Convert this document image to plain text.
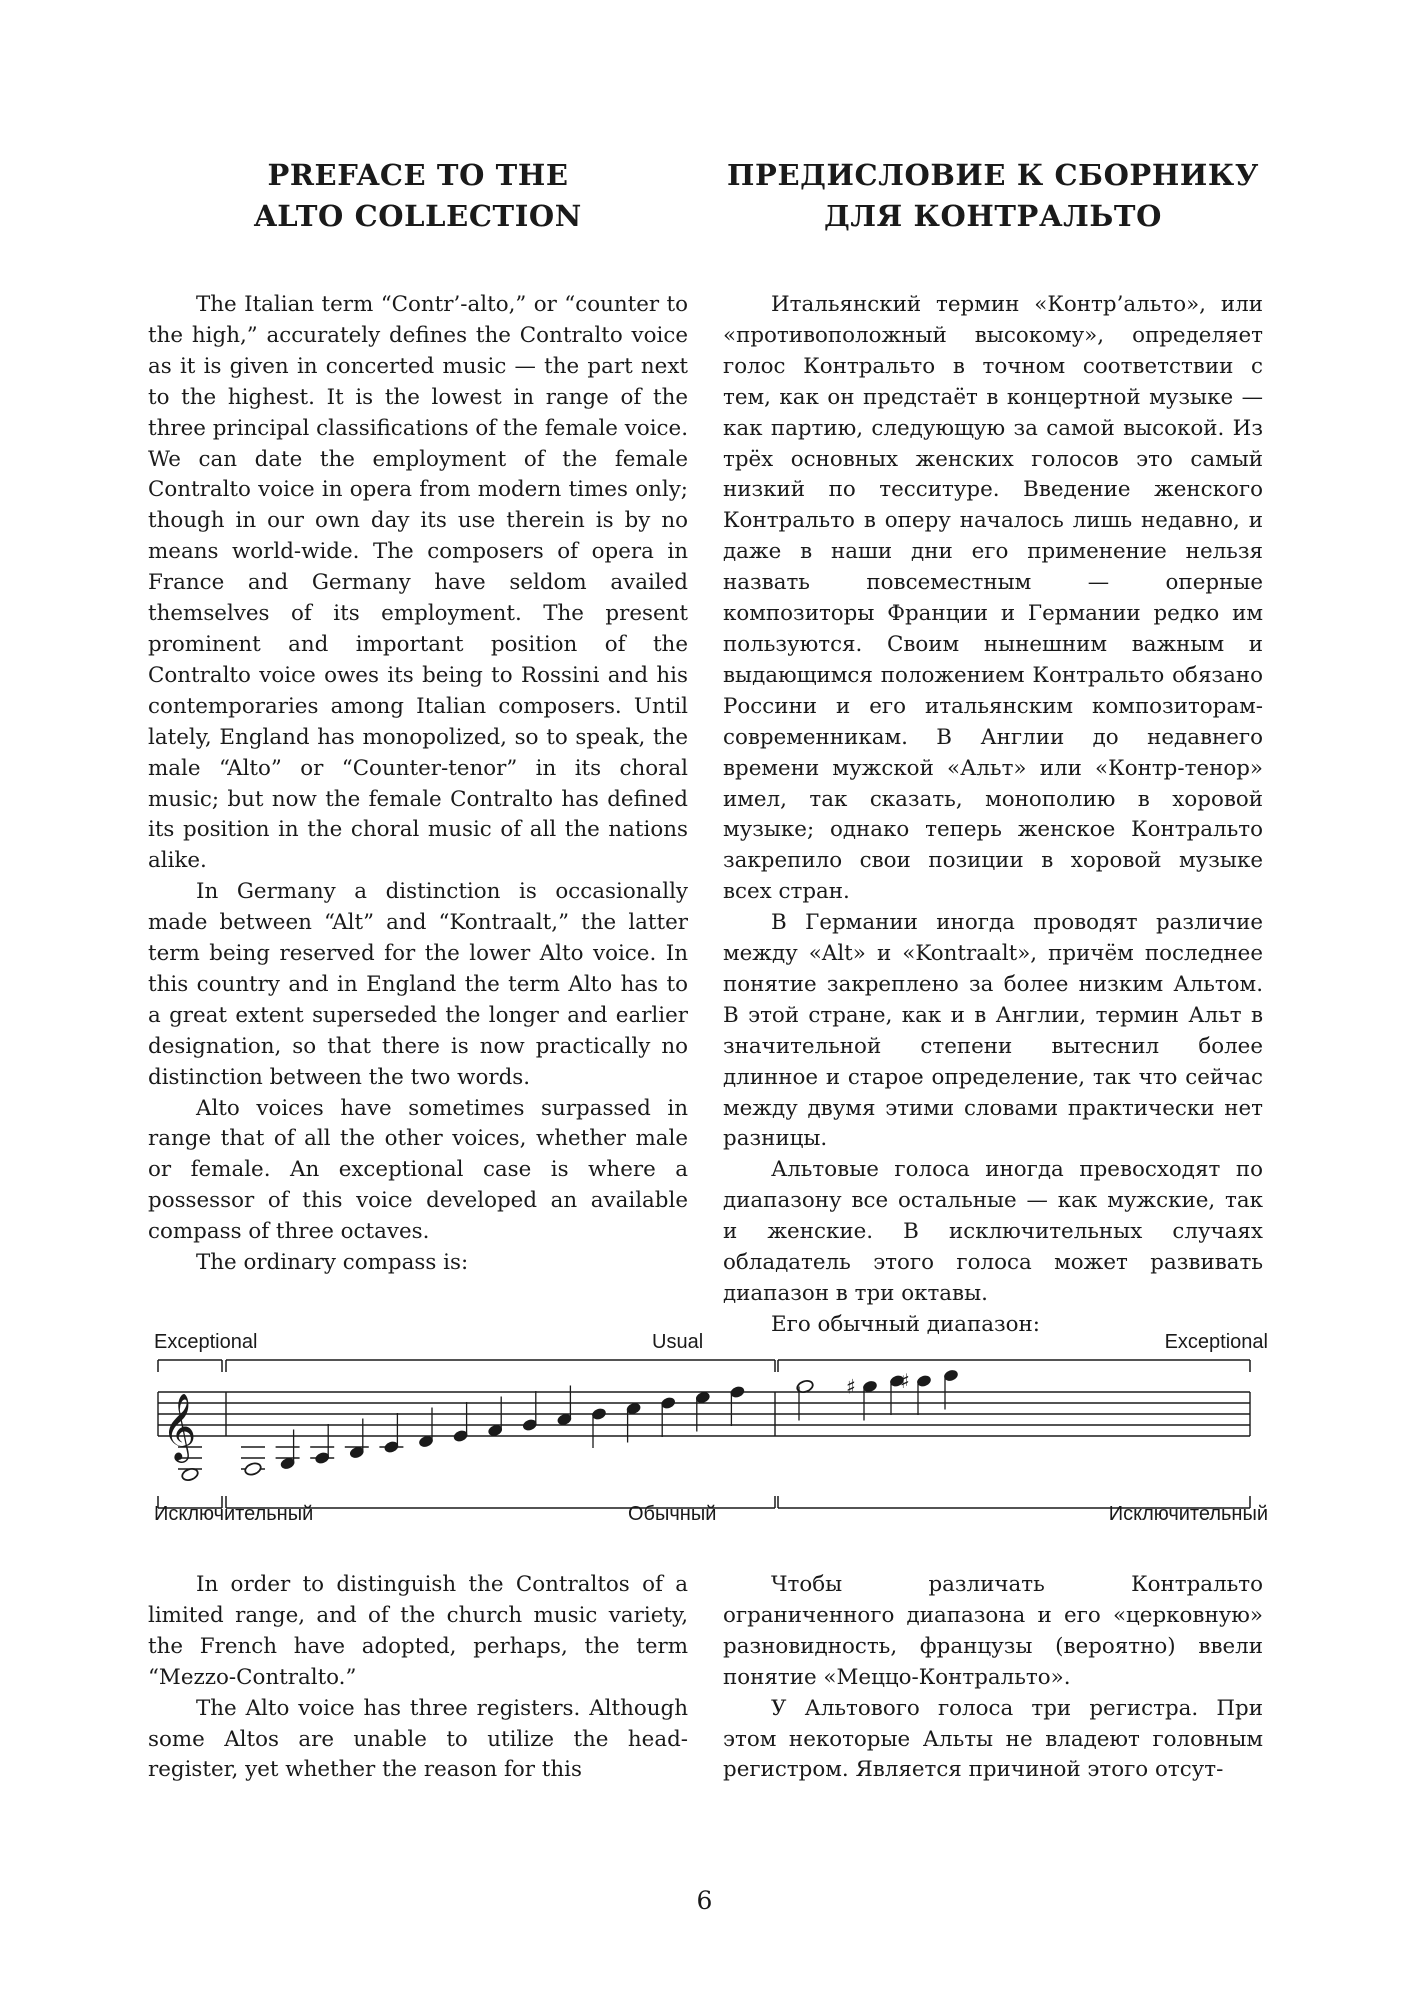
PREFACE TO THE
ALTO COLLECTION

The Italian term “Contr’-alto,” or “counter to the high,” accurately defines the Contralto voice as it is given in concerted music — the part next to the highest. It is the lowest in range of the three principal classifications of the female voice. We can date the employment of the female Contralto voice in opera from modern times only; though in our own day its use therein is by no means world-wide. The composers of opera in France and Germany have seldom availed themselves of its employment. The present prominent and important position of the Contralto voice owes its being to Rossini and his contemporaries among Italian composers. Until lately, England has monopolized, so to speak, the male “Alto” or “Counter-tenor” in its choral music; but now the female Contralto has defined its position in the choral music of all the nations alike.

In Germany a distinction is occasionally made between “Alt” and “Kontraalt,” the latter term being reserved for the lower Alto voice. In this country and in England the term Alto has to a great extent superseded the longer and earlier designation, so that there is now practically no distinction between the two words.

Alto voices have sometimes surpassed in range that of all the other voices, whether male or female. An exceptional case is where a possessor of this voice developed an available compass of three octaves.

The ordinary compass is:

ПРЕДИСЛОВИЕ К СБОРНИКУ
ДЛЯ КОНТРАЛЬТО

Итальянский термин «Контр’альто», или «противоположный высокому», определяет голос Контральто в точном соответствии с тем, как он предстаёт в концертной музыке — как партию, следующую за самой высокой. Из трёх основных женских голосов это самый низкий по тесситуре. Введение женского Контральто в оперу началось лишь недавно, и даже в наши дни его применение нельзя назвать повсеместным — оперные композиторы Франции и Германии редко им пользуются. Своим нынешним важным и выдающимся положением Контральто обязано Россини и его итальянским композиторам-современникам. В Англии до недавнего времени мужской «Альт» или «Контр-тенор» имел, так сказать, монополию в хоровой музыке; однако теперь женское Контральто закрепило свои позиции в хоровой музыке всех стран.

В Германии иногда проводят различие между «Alt» и «Kontraalt», причём последнее понятие закреплено за более низким Альтом. В этой стране, как и в Англии, термин Альт в значительной степени вытеснил более длинное и старое определение, так что сейчас между двумя этими словами практически нет разницы.

Альтовые голоса иногда превосходят по диапазону все остальные — как мужские, так и женские. В исключительных случаях обладатель этого голоса может развивать диапазон в три октавы.

Его обычный диапазон:

Exceptional	Usual	Exceptional
𝄞
♯ ♯
Исключительный	Обычный	Исключительный

In order to distinguish the Contraltos of a limited range, and of the church music variety, the French have adopted, perhaps, the term “Mezzo-Contralto.”

The Alto voice has three registers. Although some Altos are unable to utilize the head-register, yet whether the reason for this

Чтобы различать Контральто ограниченного диапазона и его «церковную» разновидность, французы (вероятно) ввели понятие «Меццо-Контральто».

У Альтового голоса три регистра. При этом некоторые Альты не владеют головным регистром. Является причиной этого отсут-

6
